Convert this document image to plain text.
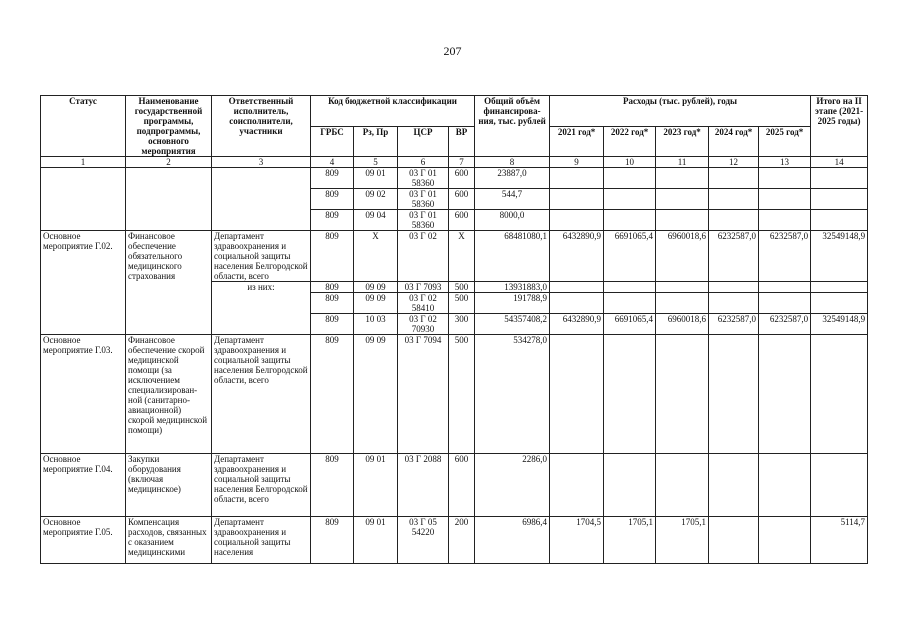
207
Статус	Наименование государственной программы, подпрограммы, основного мероприятия	Ответственный исполнитель, соисполнители, участники	Код бюджетной классификации				Общий объём финансирова-ния, тыс. рублей	Расходы (тыс. рублей), годы					Итого на II этапе (2021-2025 годы)
			ГРБС	Рз, Пр	ЦСР	ВР		2021 год*	2022 год*	2023 год*	2024 год*	2025 год*	
1	2	3	4	5	6	7	8	9	10	11	12	13	14
			809	09 01	03 Г 01 58360	600	23887,0						
			809	09 02	03 Г 01 58360	600	544,7						
			809	09 04	03 Г 01 58360	600	8000,0						
Основное мероприятие Г.02.	Финансовое обеспечение обязательного медицинского страхования	Департамент здравоохранения и социальной защиты населения Белгородской области, всего	809	X	03 Г 02	X	68481080,1	6432890,9	6691065,4	6960018,6	6232587,0	6232587,0	32549148,9
		из них:	809	09 09	03 Г 7093	500	13931883,0						
			809	09 09	03 Г 02 58410	500	191788,9						
			809	10 03	03 Г 02 70930	300	54357408,2	6432890,9	6691065,4	6960018,6	6232587,0	6232587,0	32549148,9
Основное мероприятие Г.03.	Финансовое обеспечение скорой медицинской помощи (за исключением специализирован-ной (санитарно-авиационной) скорой медицинской помощи)	Департамент здравоохранения и социальной защиты населения Белгородской области, всего	809	09 09	03 Г 7094	500	534278,0						
Основное мероприятие Г.04.	Закупки оборудования (включая медицинское)	Департамент здравоохранения и социальной защиты населения Белгородской области, всего	809	09 01	03 Г 2088	600	2286,0						
Основное мероприятие Г.05.	Компенсация расходов, связанных с оказанием медицинскими	Департамент здравоохранения и социальной защиты населения	809	09 01	03 Г 05 54220	200	6986,4	1704,5	1705,1	1705,1			5114,7
